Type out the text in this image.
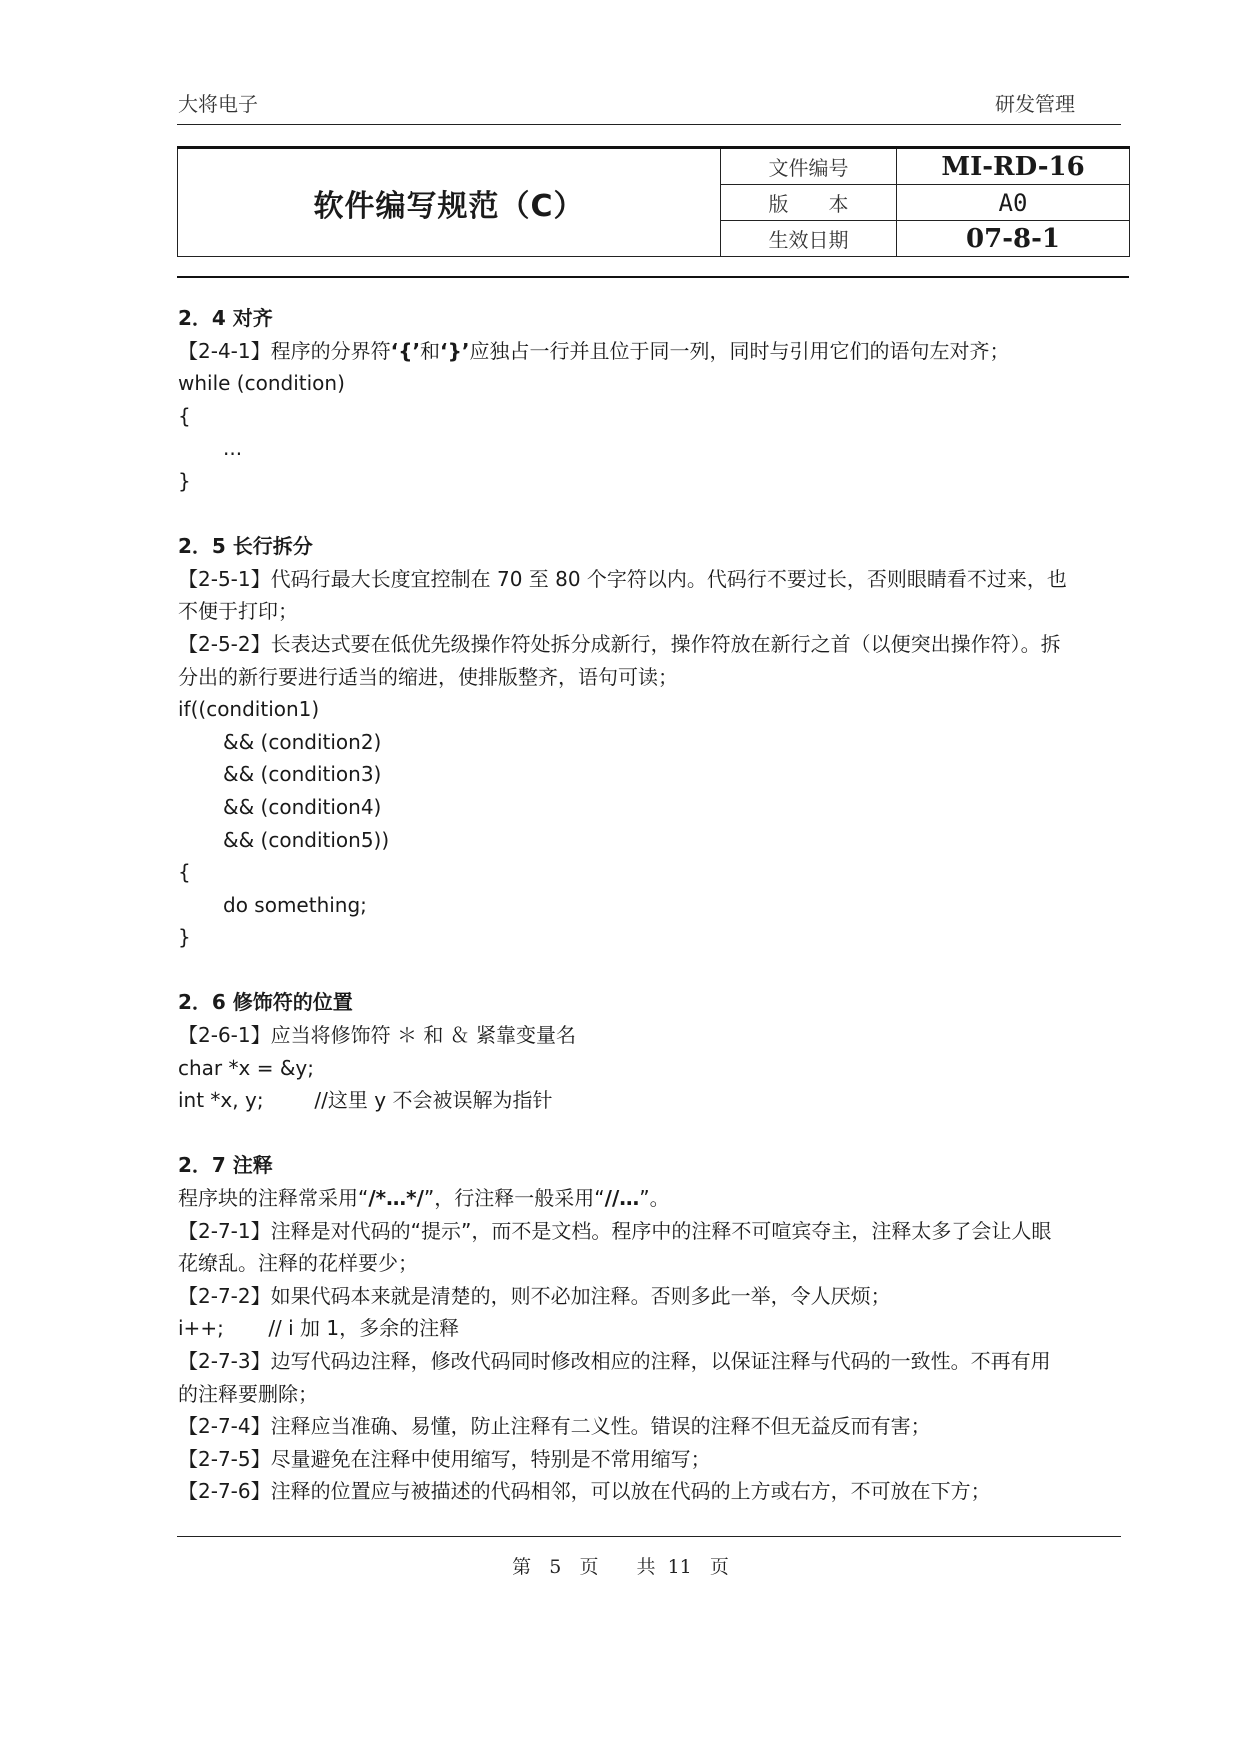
大将电子	研发管理
软件编写规范（C）	文件编号	MI-RD-16
	版　　本	A0
	生效日期	07-8-1
2．4 对齐
【2-4-1】程序的分界符‘{’和‘}’应独占一行并且位于同一列，同时与引用它们的语句左对齐；
while (condition)
{
...
}
2．5 长行拆分
【2-5-1】代码行最大长度宜控制在 70 至 80 个字符以内。代码行不要过长，否则眼睛看不过来，也
不便于打印；
【2-5-2】长表达式要在低优先级操作符处拆分成新行，操作符放在新行之首（以便突出操作符）。拆
分出的新行要进行适当的缩进，使排版整齐，语句可读；
if((condition1)
&& (condition2)
&& (condition3)
&& (condition4)
&& (condition5))
{
do something;
}
2．6 修饰符的位置
【2-6-1】应当将修饰符 ＊ 和 ＆ 紧靠变量名
char *x = &y;
int *x, y;        //这里 y 不会被误解为指针
2．7 注释
程序块的注释常采用“/*…*/”，行注释一般采用“//…”。
【2-7-1】注释是对代码的“提示”，而不是文档。程序中的注释不可喧宾夺主，注释太多了会让人眼
花缭乱。注释的花样要少；
【2-7-2】如果代码本来就是清楚的，则不必加注释。否则多此一举，令人厌烦；
i++;       // i 加 1，多余的注释
【2-7-3】边写代码边注释，修改代码同时修改相应的注释，以保证注释与代码的一致性。不再有用
的注释要删除；
【2-7-4】注释应当准确、易懂，防止注释有二义性。错误的注释不但无益反而有害；
【2-7-5】尽量避免在注释中使用缩写，特别是不常用缩写；
【2-7-6】注释的位置应与被描述的代码相邻，可以放在代码的上方或右方，不可放在下方；
第 5 页　　共 11 页
